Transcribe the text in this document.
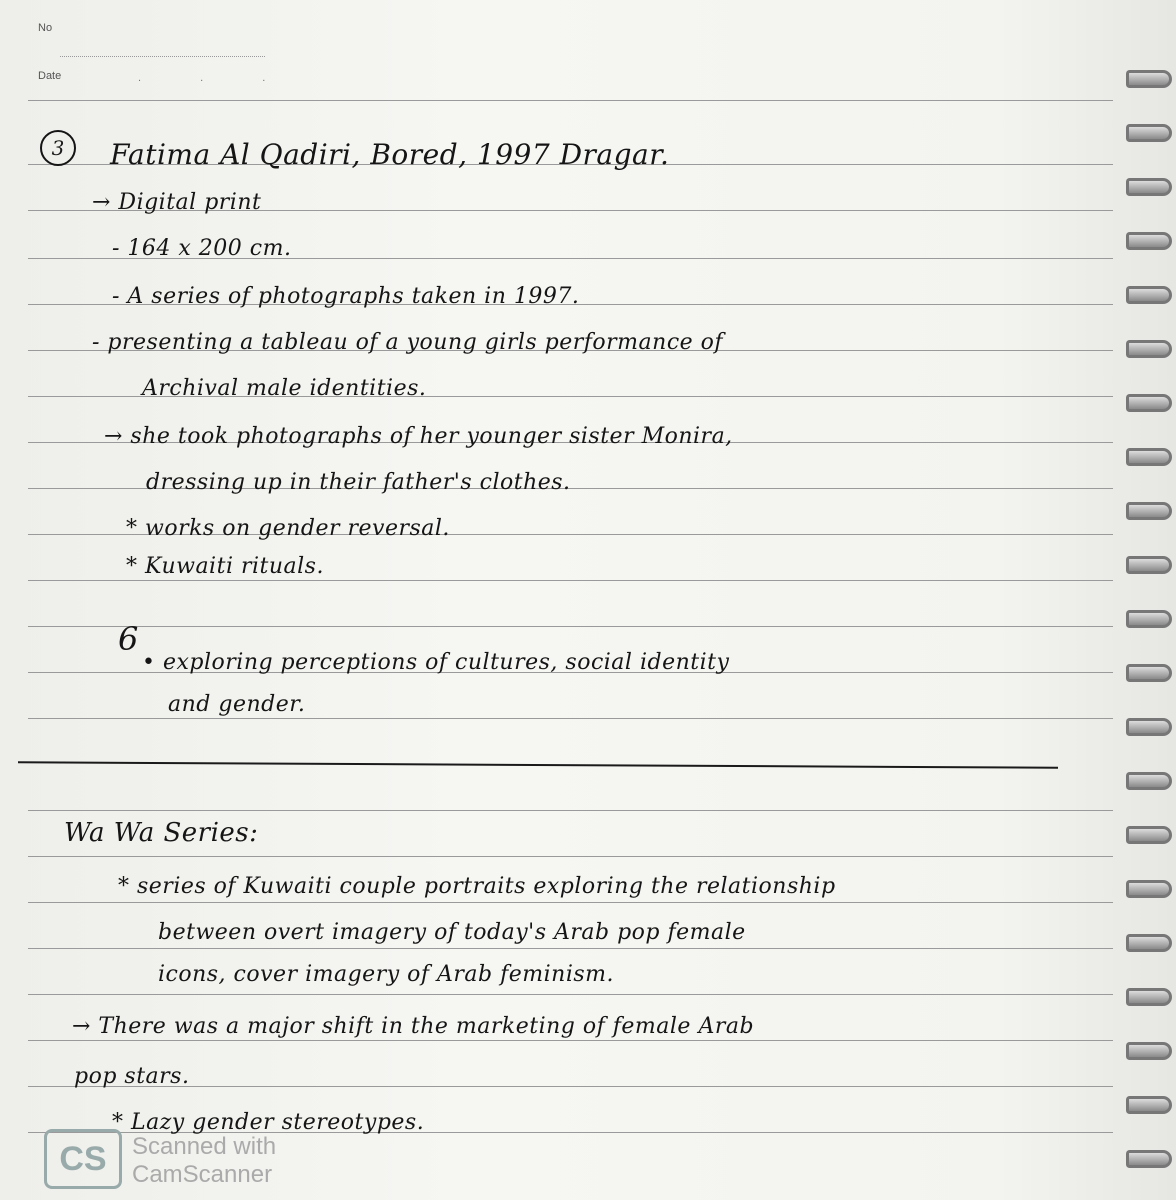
No
Date	. . .
3	Fatima Al Qadiri, Bored, 1997 Dragar.
→ Digital print
- 164 x 200 cm.
- A series of photographs taken in 1997.
- presenting a tableau of a young girls performance of
Archival male identities.
→ she took photographs of her younger sister Monira,
dressing up in their father's clothes.
* works on gender reversal.
* Kuwaiti rituals.
6
• exploring perceptions of cultures, social identity
and gender.
Wa Wa Series:
* series of Kuwaiti couple portraits exploring the relationship
between overt imagery of today's Arab pop female
icons, cover imagery of Arab feminism.
→ There was a major shift in the marketing of female Arab
pop stars.
* Lazy gender stereotypes.
CS	Scanned with
CamScanner
